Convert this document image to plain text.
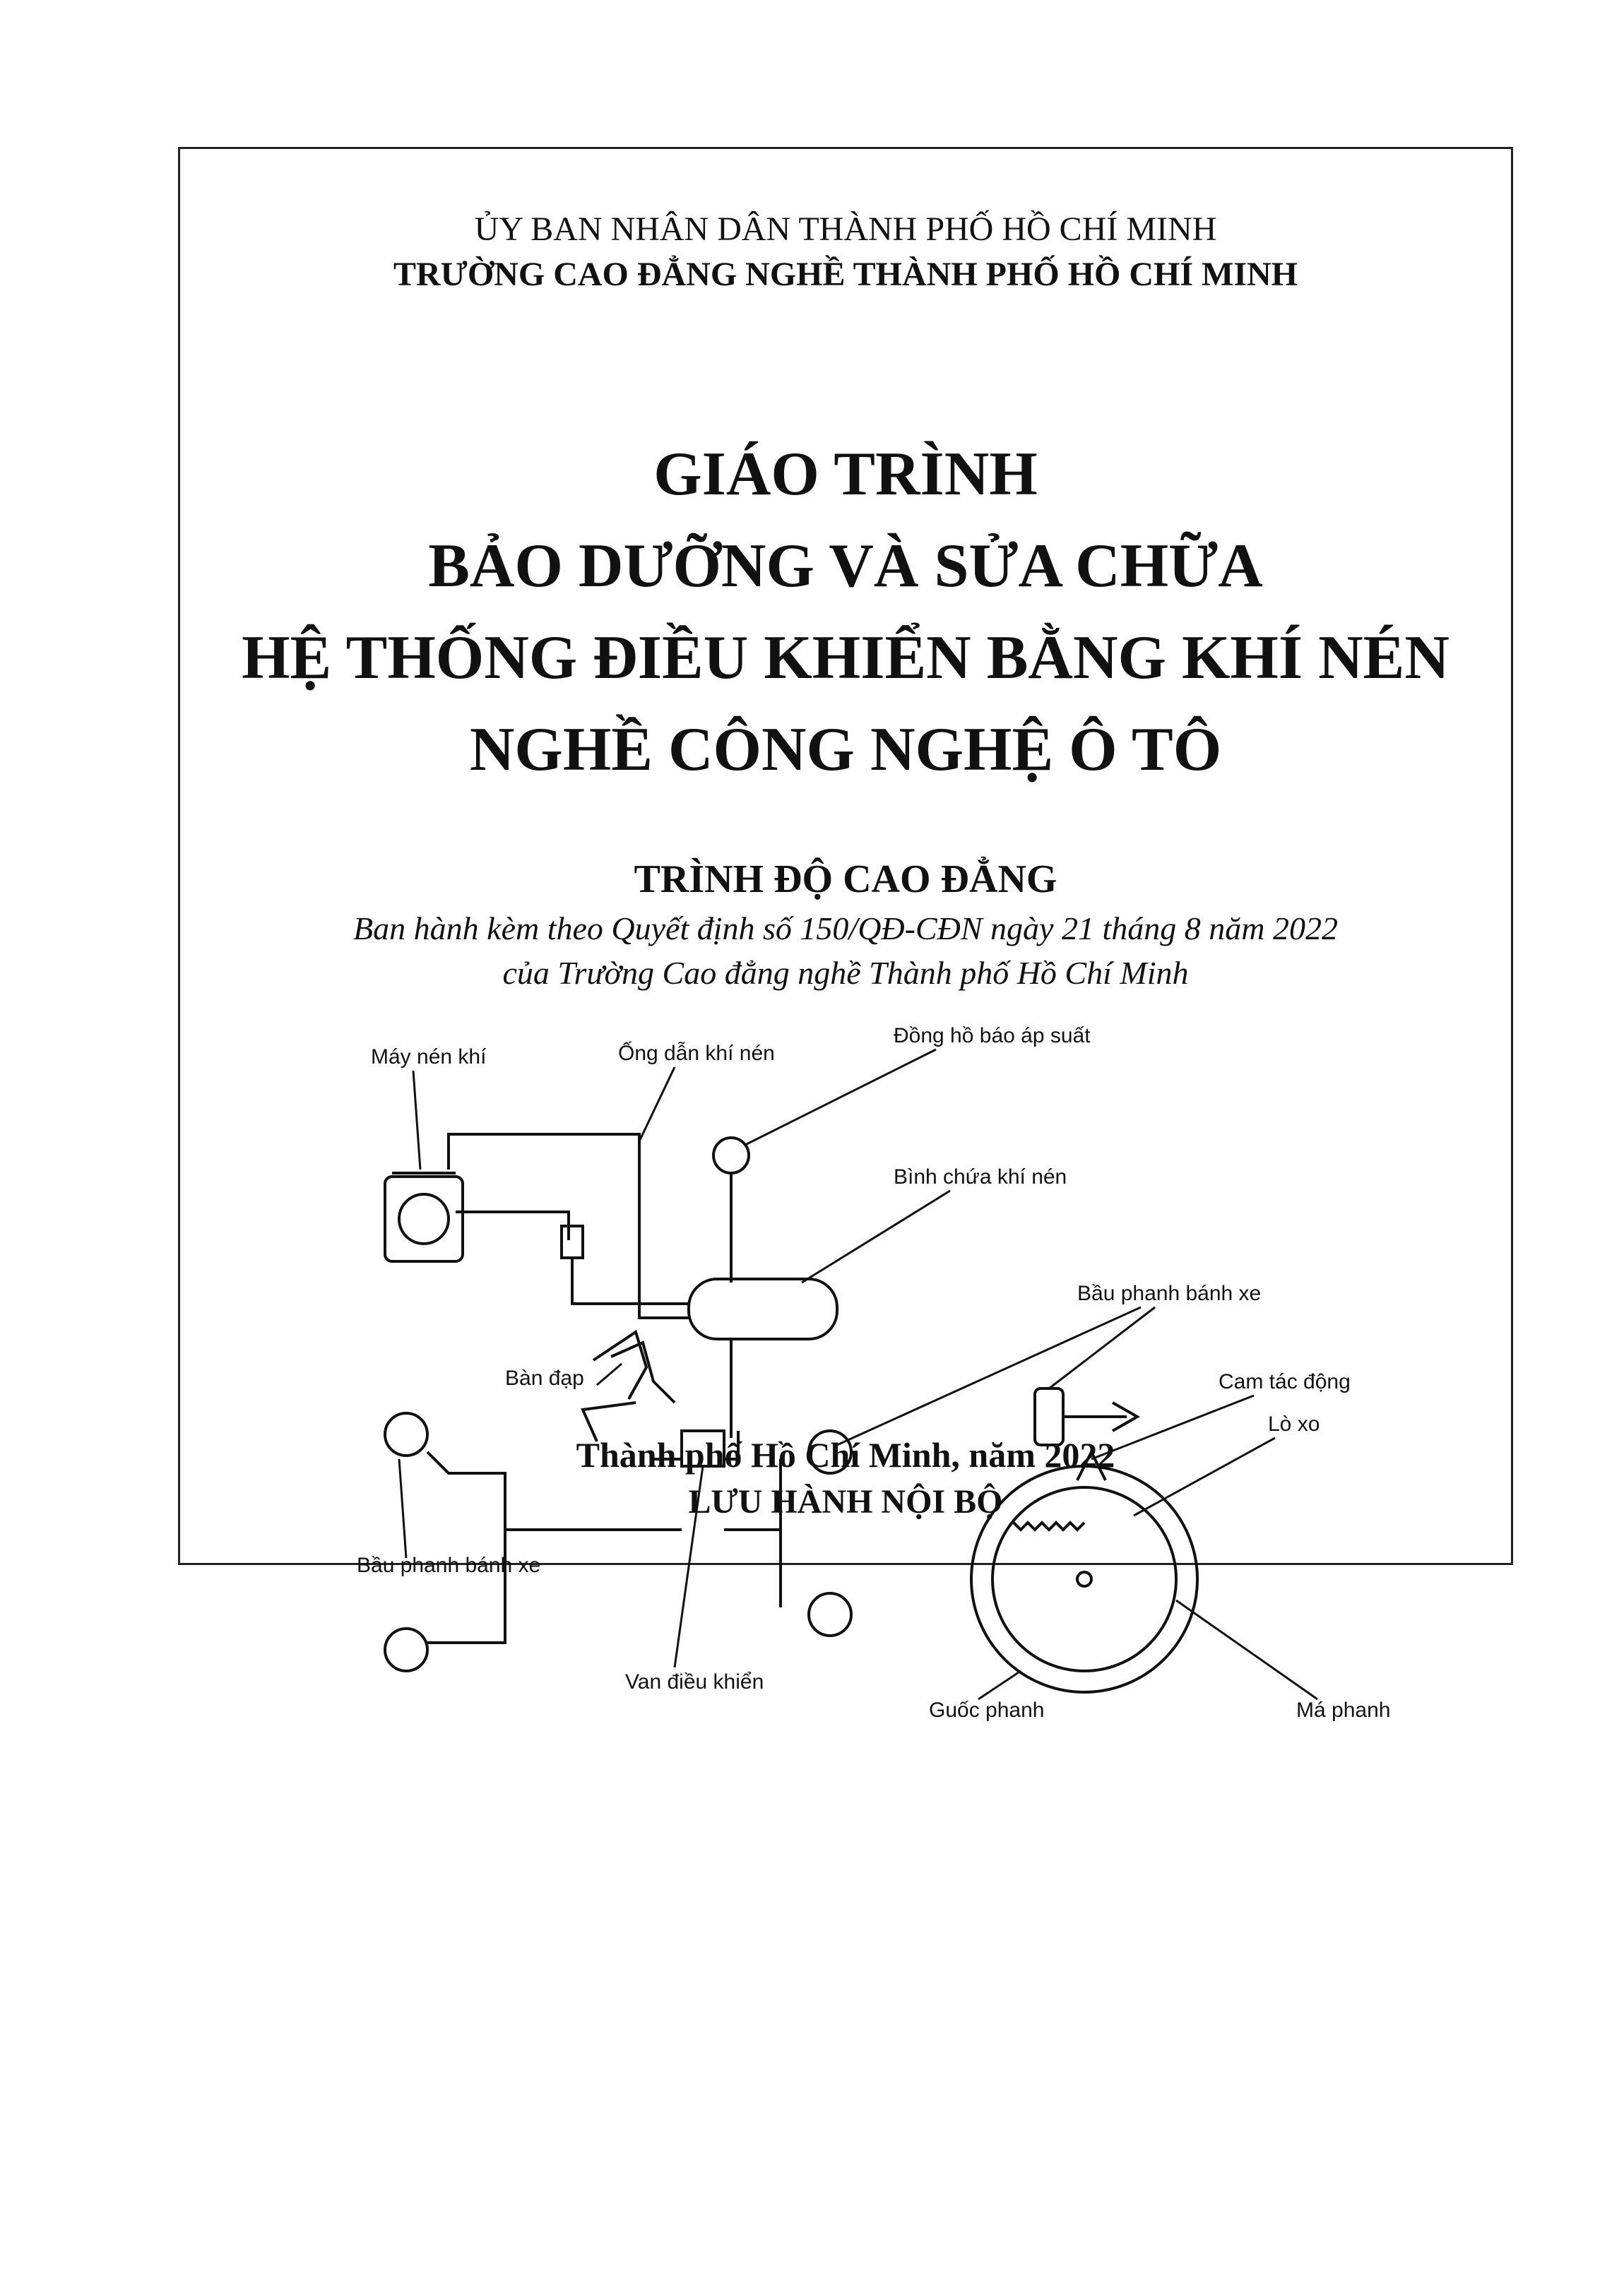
ỦY BAN NHÂN DÂN THÀNH PHỐ HỒ CHÍ MINH
TRƯỜNG CAO ĐẲNG NGHỀ THÀNH PHỐ HỒ CHÍ MINH
GIÁO TRÌNH
BẢO DƯỠNG VÀ SỬA CHỮA
HỆ THỐNG ĐIỀU KHIỂN BẰNG KHÍ NÉN
NGHỀ CÔNG NGHỆ Ô TÔ
TRÌNH ĐỘ CAO ĐẲNG
Ban hành kèm theo Quyết định số 150/QĐ-CĐN ngày 21 tháng 8 năm 2022
của Trường Cao đẳng nghề Thành phố Hồ Chí Minh
Máy nén khí	Ống dẫn khí nén
Đồng hồ báo áp suất
Bình chứa khí nén
Bầu phanh bánh xe
Bàn đạp	Cam tác động
Lò xo
Bầu phanh bánh xe
Van điều khiển
Guốc phanh	Má phanh
Thành phố Hồ Chí Minh, năm 2022
LƯU HÀNH NỘI BỘ
